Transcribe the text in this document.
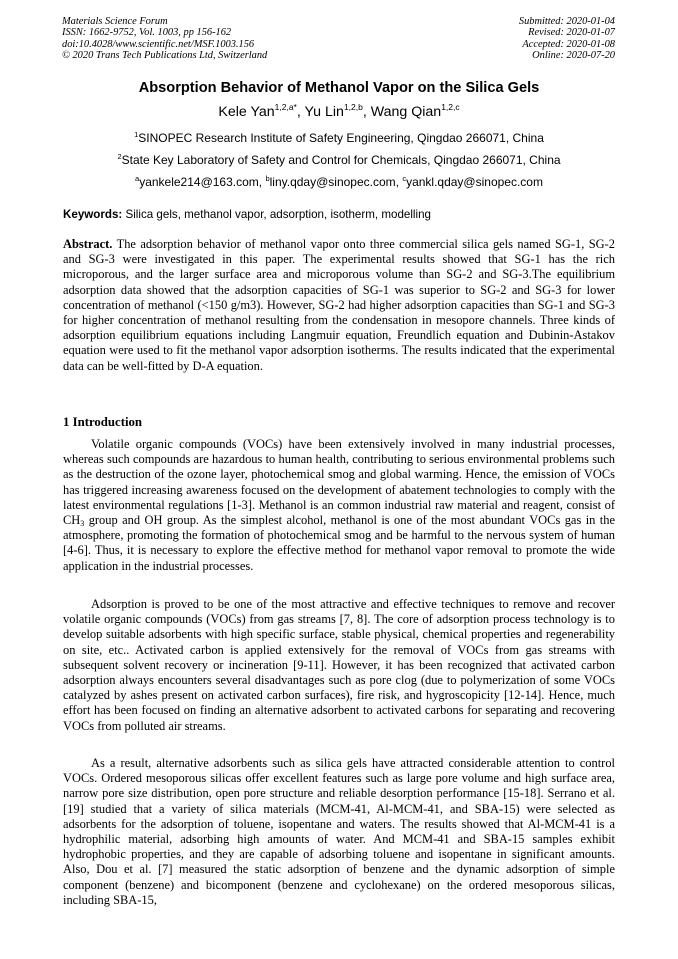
Materials Science Forum
ISSN: 1662-9752, Vol. 1003, pp 156-162
doi:10.4028/www.scientific.net/MSF.1003.156
© 2020 Trans Tech Publications Ltd, Switzerland
Submitted: 2020-01-04
Revised: 2020-01-07
Accepted: 2020-01-08
Online: 2020-07-20
Absorption Behavior of Methanol Vapor on the Silica Gels
Kele Yan$^{1,2,a*}$, Yu Lin$^{1,2,b}$, Wang Qian$^{1,2,c}$
$^1$SINOPEC Research Institute of Safety Engineering, Qingdao 266071, China
$^2$State Key Laboratory of Safety and Control for Chemicals, Qingdao 266071, China
$^a$yankele214@163.com, $^b$liny.qday@sinopec.com, $^c$yankl.qday@sinopec.com
Keywords: Silica gels, methanol vapor, adsorption, isotherm, modelling

Abstract. The adsorption behavior of methanol vapor onto three commercial silica gels named SG-1, SG-2 and SG-3 were investigated in this paper. The experimental results showed that SG-1 has the rich microporous, and the larger surface area and microporous volume than SG-2 and SG-3.The equilibrium adsorption data showed that the adsorption capacities of SG-1 was superior to SG-2 and SG-3 for lower concentration of methanol (<150 g/m3). However, SG-2 had higher adsorption capacities than SG-1 and SG-3 for higher concentration of methanol resulting from the condensation in mesopore channels. Three kinds of adsorption equilibrium equations including Langmuir equation, Freundlich equation and Dubinin-Astakov equation were used to fit the methanol vapor adsorption isotherms. The results indicated that the experimental data can be well-fitted by D-A equation.

1 Introduction

Volatile organic compounds (VOCs) have been extensively involved in many industrial processes, whereas such compounds are hazardous to human health, contributing to serious environmental problems such as the destruction of the ozone layer, photochemical smog and global warming. Hence, the emission of VOCs has triggered increasing awareness focused on the development of abatement technologies to comply with the latest environmental regulations [1-3]. Methanol is an common industrial raw material and reagent, consist of $CH_3$ group and OH group. As the simplest alcohol, methanol is one of the most abundant VOCs gas in the atmosphere, promoting the formation of photochemical smog and be harmful to the nervous system of human [4-6]. Thus, it is necessary to explore the effective method for methanol vapor removal to promote the wide application in the industrial processes.

Adsorption is proved to be one of the most attractive and effective techniques to remove and recover volatile organic compounds (VOCs) from gas streams [7, 8]. The core of adsorption process technology is to develop suitable adsorbents with high specific surface, stable physical, chemical properties and regenerability on site, etc.. Activated carbon is applied extensively for the removal of VOCs from gas streams with subsequent solvent recovery or incineration [9-11]. However, it has been recognized that activated carbon adsorption always encounters several disadvantages such as pore clog (due to polymerization of some VOCs catalyzed by ashes present on activated carbon surfaces), fire risk, and hygroscopicity [12-14]. Hence, much effort has been focused on finding an alternative adsorbent to activated carbons for separating and recovering VOCs from polluted air streams.

As a result, alternative adsorbents such as silica gels have attracted considerable attention to control VOCs. Ordered mesoporous silicas offer excellent features such as large pore volume and high surface area, narrow pore size distribution, open pore structure and reliable desorption performance [15-18]. Serrano et al. [19] studied that a variety of silica materials (MCM-41, Al-MCM-41, and SBA-15) were selected as adsorbents for the adsorption of toluene, isopentane and waters. The results showed that Al-MCM-41 is a hydrophilic material, adsorbing high amounts of water. And MCM-41 and SBA-15 samples exhibit hydrophobic properties, and they are capable of adsorbing toluene and isopentane in significant amounts. Also, Dou et al. [7] measured the static adsorption of benzene and the dynamic adsorption of simple component (benzene) and bicomponent (benzene and cyclohexane) on the ordered mesoporous silicas, including SBA-15,
